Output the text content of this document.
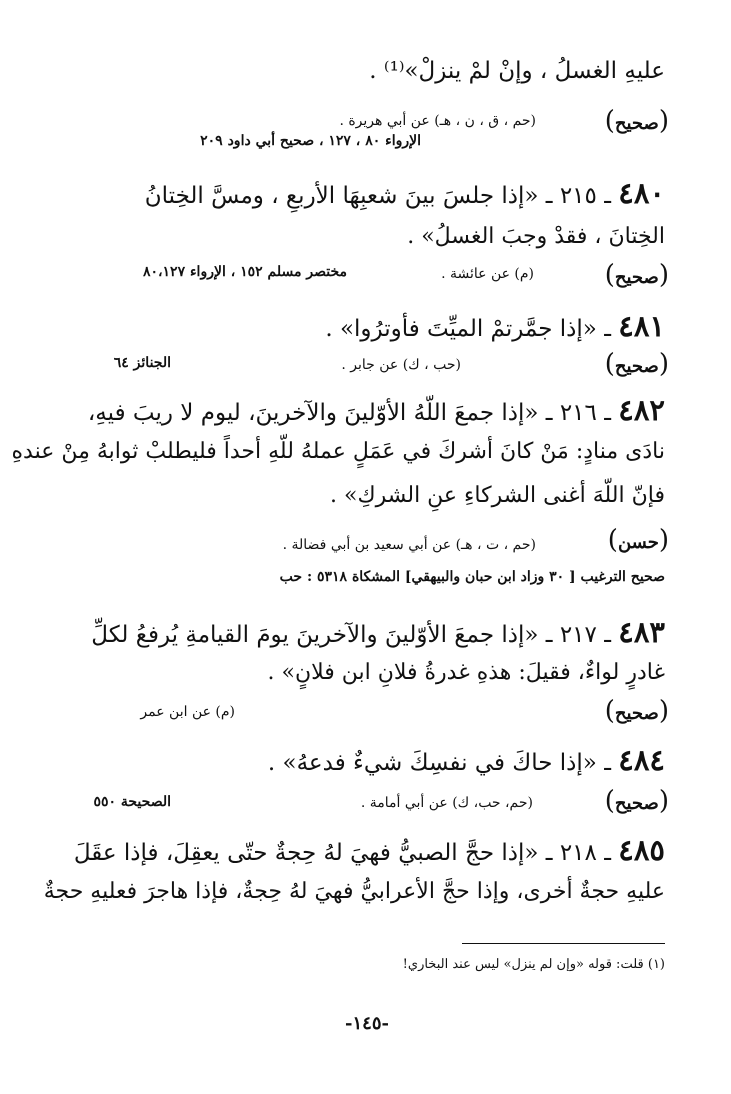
عليهِ الغسلُ ، وإنْ لمْ ينزلْ»⁽¹⁾ .
(صحيح)
(حم ، ق ، ن ، هـ) عن أبي هريرة .
الإرواء ٨٠ ، ١٢٧ ، صحيح أبي داود ٢٠٩
٤٨٠ ـ ٢١٥ ـ «إذا جلسَ بينَ شعبِهَا الأربعِ ، ومسَّ الخِتانُ
الخِتانَ ، فقدْ وجبَ الغسلُ» .
(صحيح)
(م) عن عائشة .
مختصر مسلم ١٥٢ ، الإرواء ٨٠،١٢٧
٤٨١ ـ «إذا جمَّرتمْ الميِّتَ فأوترُوا» .
(صحيح)
(حب ، ك) عن جابر .
الجنائز ٦٤
٤٨٢ ـ ٢١٦ ـ «إذا جمعَ اللّهُ الأوّلينَ والآخرينَ، ليوم لا ريبَ فيهِ،
نادَى منادٍ: مَنْ كانَ أشركَ في عَمَلٍ عملهُ للّهِ أحداً فليطلبْ ثوابهُ مِنْ عندهِ
فإنّ اللّهَ أغنى الشركاءِ عنِ الشركِ» .
(حسن)
(حم ، ت ، هـ) عن أبي سعيد بن أبي فضالة .
صحيح الترغيب [ ٣٠ وزاد ابن حبان والبيهقي] المشكاة ٥٣١٨ : حب
٤٨٣ ـ ٢١٧ ـ «إذا جمعَ الأوّلينَ والآخرينَ يومَ القيامةِ يُرفعُ لكلِّ
غادرٍ لواءٌ، فقيلَ: هذهِ غدرةُ فلانِ ابن فلانٍ» .
(م) عن ابن عمر	(صحيح)
٤٨٤ ـ «إذا حاكَ في نفسِكَ شيءٌ فدعهُ» .
(صحيح)
(حم، حب، ك) عن أبي أمامة .
الصحيحة ٥٥٠
٤٨٥ ـ ٢١٨ ـ «إذا حجَّ الصبيُّ فهيَ لهُ حِجةٌ حتّى يعقِلَ، فإذا عقَلَ
عليهِ حجةٌ أخرى، وإذا حجَّ الأعرابيُّ فهيَ لهُ حِجةٌ، فإذا هاجرَ فعليهِ حجةٌ
(١) قلت: قوله «وإن لم ينزل» ليس عند البخاري!
-١٤٥-
